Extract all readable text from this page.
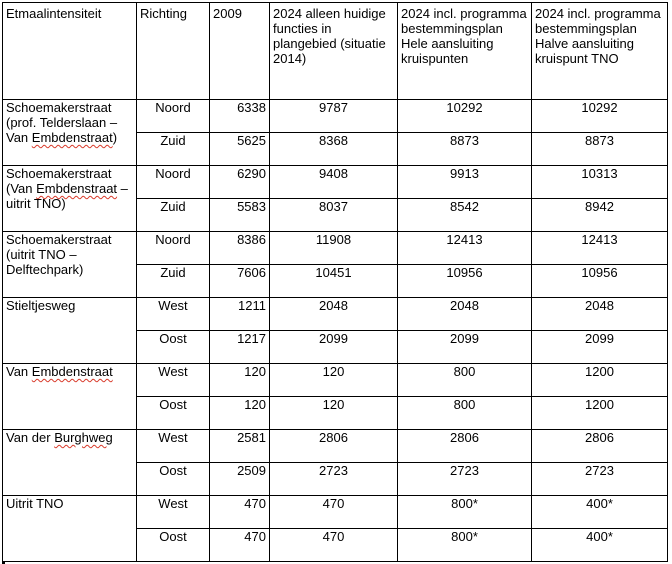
Etmaalintensiteit	Richting	2009	2024 alleen huidige functies in plangebied (situatie 2014)	2024 incl. programma bestemmingsplan Hele aansluiting kruispunten	2024 incl. programma bestemmingsplan Halve aansluiting kruispunt TNO
Schoemakerstraat (prof. Telderslaan – Van Embdenstraat)	Noord	6338	9787	10292	10292
	Zuid	5625	8368	8873	8873
Schoemakerstraat (Van Embdenstraat – uitrit TNO)	Noord	6290	9408	9913	10313
	Zuid	5583	8037	8542	8942
Schoemakerstraat (uitrit TNO – Delftechpark)	Noord	8386	11908	12413	12413
	Zuid	7606	10451	10956	10956
Stieltjesweg	West	1211	2048	2048	2048
	Oost	1217	2099	2099	2099
Van Embdenstraat	West	120	120	800	1200
	Oost	120	120	800	1200
Van der Burghweg	West	2581	2806	2806	2806
	Oost	2509	2723	2723	2723
Uitrit TNO	West	470	470	800*	400*
	Oost	470	470	800*	400*
